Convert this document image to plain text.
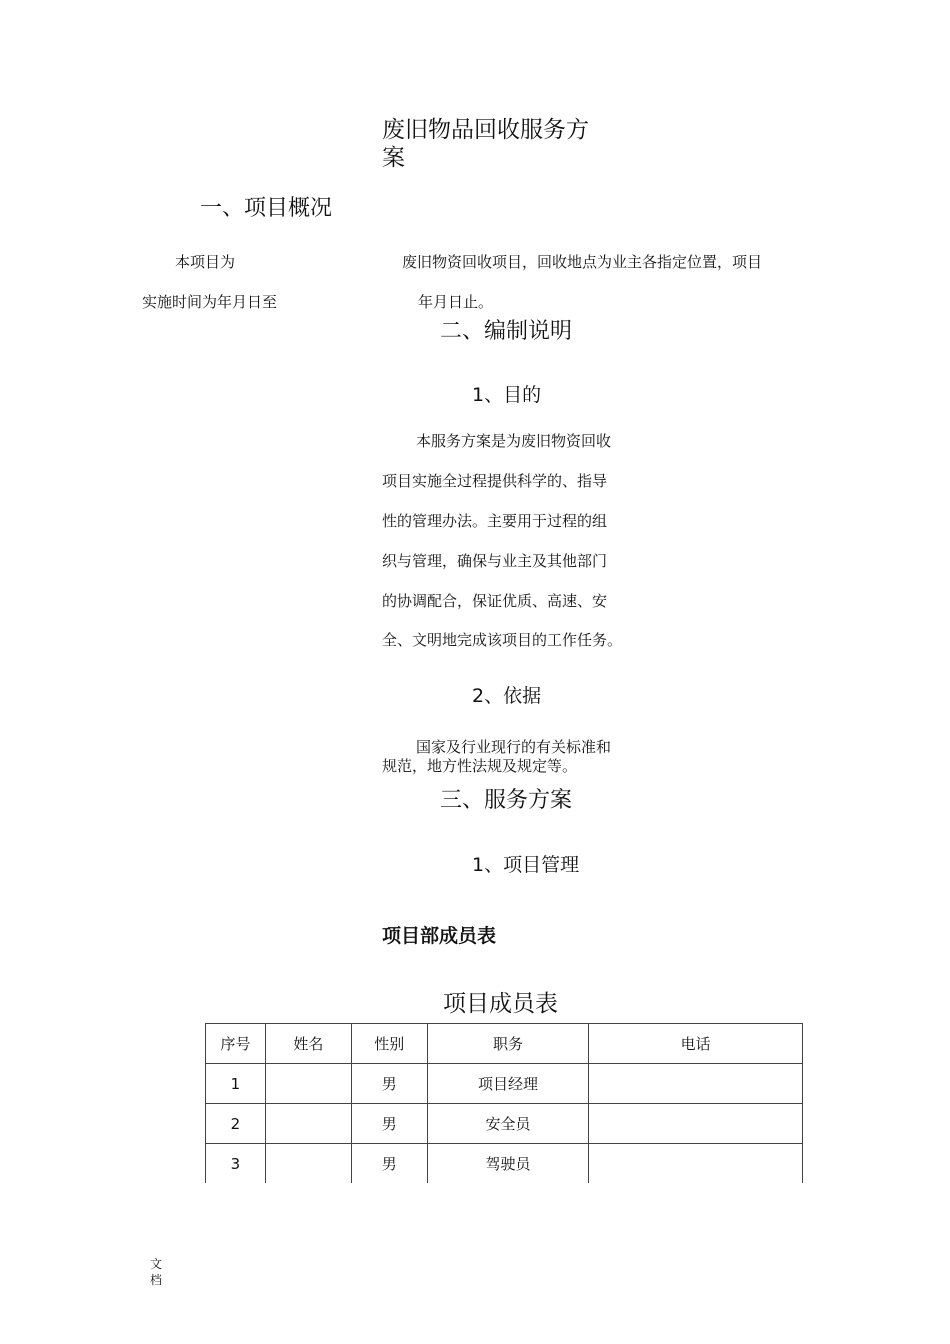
废旧物品回收服务方
案
一、项目概况
本项目为	废旧物资回收项目，回收地点为业主各指定位置，项目
实施时间为年月日至	年月日止。
二、编制说明
1、目的
本服务方案是为废旧物资回收
项目实施全过程提供科学的、指导
性的管理办法。主要用于过程的组
织与管理，确保与业主及其他部门
的协调配合，保证优质、高速、安
全、文明地完成该项目的工作任务。
2、依据
国家及行业现行的有关标准和
规范，地方性法规及规定等。
三、服务方案
1、项目管理
项目部成员表
项目成员表
序号	姓名	性别	职务	电话
1		男	项目经理	
2		男	安全员	
3		男	驾驶员	
文
档
